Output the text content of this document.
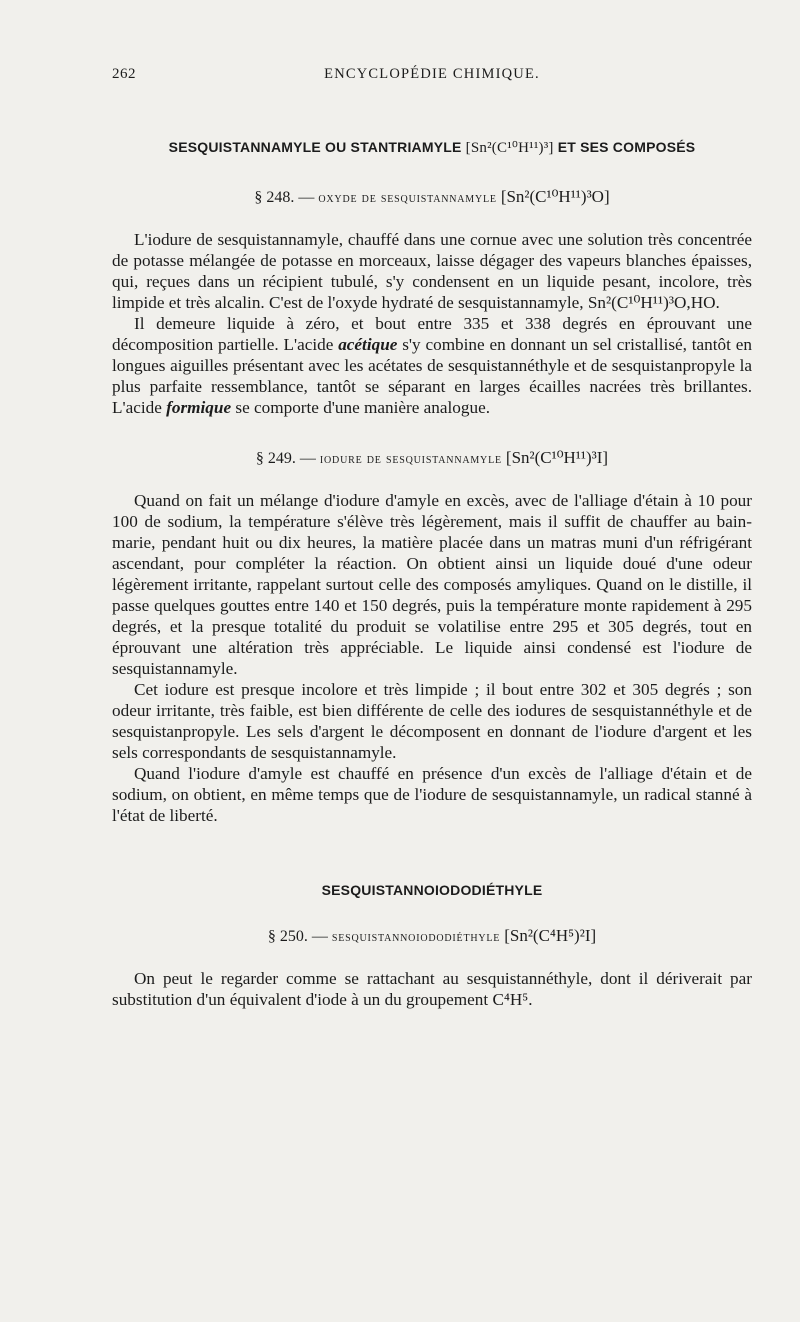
262	ENCYCLOPÉDIE CHIMIQUE.
SESQUISTANNAMYLE OU STANTRIAMYLE [Sn²(C¹⁰H¹¹)³] ET SES COMPOSÉS
§ 248. — oxyde de sesquistannamyle [Sn²(C¹⁰H¹¹)³O]

L'iodure de sesquistannamyle, chauffé dans une cornue avec une solution très concentrée de potasse mélangée de potasse en morceaux, laisse dégager des vapeurs blanches épaisses, qui, reçues dans un récipient tubulé, s'y condensent en un liquide pesant, incolore, très limpide et très alcalin. C'est de l'oxyde hydraté de sesquistannamyle, Sn²(C¹⁰H¹¹)³O,HO.

Il demeure liquide à zéro, et bout entre 335 et 338 degrés en éprouvant une décomposition partielle. L'acide acétique s'y combine en donnant un sel cristallisé, tantôt en longues aiguilles présentant avec les acétates de sesquistannéthyle et de sesquistanpropyle la plus parfaite ressemblance, tantôt se séparant en larges écailles nacrées très brillantes. L'acide formique se comporte d'une manière analogue.

§ 249. — iodure de sesquistannamyle [Sn²(C¹⁰H¹¹)³I]

Quand on fait un mélange d'iodure d'amyle en excès, avec de l'alliage d'étain à 10 pour 100 de sodium, la température s'élève très légèrement, mais il suffit de chauffer au bain-marie, pendant huit ou dix heures, la matière placée dans un matras muni d'un réfrigérant ascendant, pour compléter la réaction. On obtient ainsi un liquide doué d'une odeur légèrement irritante, rappelant surtout celle des composés amyliques. Quand on le distille, il passe quelques gouttes entre 140 et 150 degrés, puis la température monte rapidement à 295 degrés, et la presque totalité du produit se volatilise entre 295 et 305 degrés, tout en éprouvant une altération très appréciable. Le liquide ainsi condensé est l'iodure de sesquistannamyle.

Cet iodure est presque incolore et très limpide ; il bout entre 302 et 305 degrés ; son odeur irritante, très faible, est bien différente de celle des iodures de sesquistannéthyle et de sesquistanpropyle. Les sels d'argent le décomposent en donnant de l'iodure d'argent et les sels correspondants de sesquistannamyle.

Quand l'iodure d'amyle est chauffé en présence d'un excès de l'alliage d'étain et de sodium, on obtient, en même temps que de l'iodure de sesquistannamyle, un radical stanné à l'état de liberté.

SESQUISTANNOIODODIÉTHYLE
§ 250. — sesquistannoiododiéthyle [Sn²(C⁴H⁵)²I]

On peut le regarder comme se rattachant au sesquistannéthyle, dont il dériverait par substitution d'un équivalent d'iode à un du groupement C⁴H⁵.
